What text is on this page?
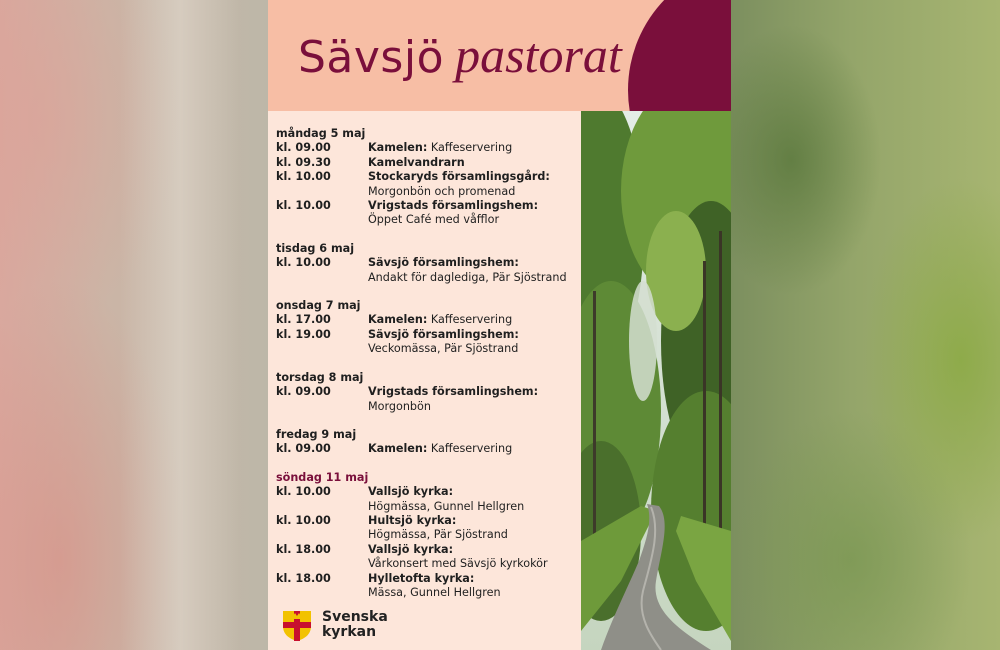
Sävsjö pastorat
måndag 5 maj
kl. 09.00	Kamelen: Kaffeservering
kl. 09.30	Kamelvandrarn
kl. 10.00	Stockaryds församlingsgård:
Morgonbön och promenad
kl. 10.00	Vrigstads församlingshem:
Öppet Café med våfflor
tisdag 6 maj
kl. 10.00	Sävsjö församlingshem:
Andakt för dagledigа, Pär Sjöstrand
onsdag 7 maj
kl. 17.00	Kamelen: Kaffeservering
kl. 19.00	Sävsjö församlingshem:
Veckomässa, Pär Sjöstrand
torsdag 8 maj
kl. 09.00	Vrigstads församlingshem:
Morgonbön
fredag 9 maj
kl. 09.00	Kamelen: Kaffeservering
söndag 11 maj
kl. 10.00	Vallsjö kyrka:
Högmässa, Gunnel Hellgren
kl. 10.00	Hultsjö kyrka:
Högmässa, Pär Sjöstrand
kl. 18.00	Vallsjö kyrka:
Vårkonsert med Sävsjö kyrkokör
kl. 18.00	Hylletofta kyrka:
Mässa, Gunnel Hellgren
Svenska
kyrkan
